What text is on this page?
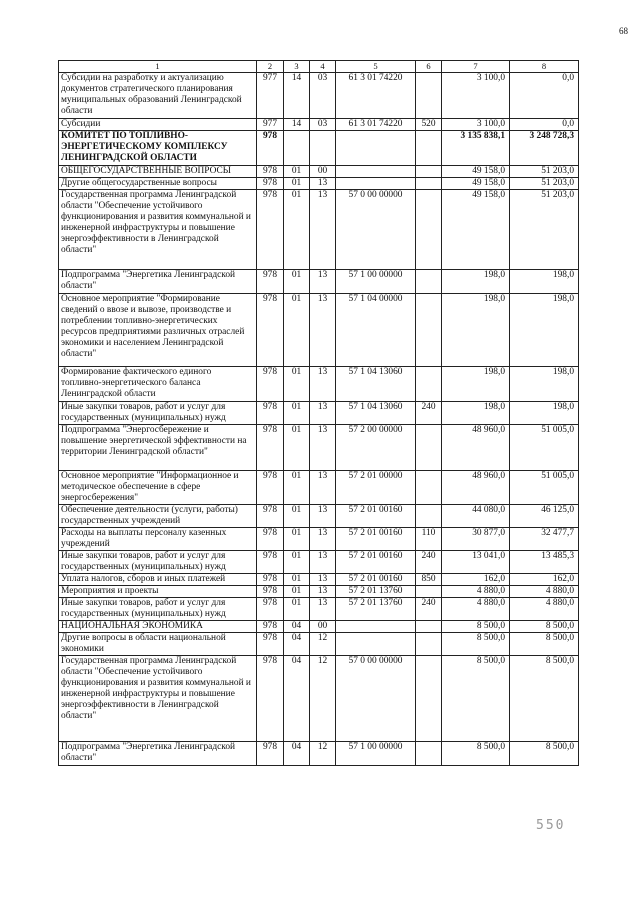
68
1	2	3	4	5	6	7	8
Субсидии на разработку и актуализацию документов стратегического планирования муниципальных образований Ленинградской области	977	14	03	61 3 01 74220		3 100,0	0,0
Субсидии	977	14	03	61 3 01 74220	520	3 100,0	0,0
КОМИТЕТ ПО ТОПЛИВНО-ЭНЕРГЕТИЧЕСКОМУ КОМПЛЕКСУ ЛЕНИНГРАДСКОЙ ОБЛАСТИ	978					3 135 838,1	3 248 728,3
ОБЩЕГОСУДАРСТВЕННЫЕ ВОПРОСЫ	978	01	00			49 158,0	51 203,0
Другие общегосударственные вопросы	978	01	13			49 158,0	51 203,0
Государственная программа Ленинградской области "Обеспечение устойчивого функционирования и развития коммунальной и инженерной инфраструктуры и повышение энергоэффективности в Ленинградской области"	978	01	13	57 0 00 00000		49 158,0	51 203,0
Подпрограмма "Энергетика Ленинградской области"	978	01	13	57 1 00 00000		198,0	198,0
Основное мероприятие "Формирование сведений о ввозе и вывозе, производстве и потреблении топливно-энергетических ресурсов предприятиями различных отраслей экономики и населением Ленинградской области"	978	01	13	57 1 04 00000		198,0	198,0
Формирование фактического единого топливно-энергетического баланса Ленинградской области	978	01	13	57 1 04 13060		198,0	198,0
Иные закупки товаров, работ и услуг для государственных (муниципальных) нужд	978	01	13	57 1 04 13060	240	198,0	198,0
Подпрограмма "Энергосбережение и повышение энергетической эффективности на территории Ленинградской области"	978	01	13	57 2 00 00000		48 960,0	51 005,0
Основное мероприятие "Информационное и методическое обеспечение в сфере энергосбережения"	978	01	13	57 2 01 00000		48 960,0	51 005,0
Обеспечение деятельности (услуги, работы) государственных учреждений	978	01	13	57 2 01 00160		44 080,0	46 125,0
Расходы на выплаты персоналу казенных учреждений	978	01	13	57 2 01 00160	110	30 877,0	32 477,7
Иные закупки товаров, работ и услуг для государственных (муниципальных) нужд	978	01	13	57 2 01 00160	240	13 041,0	13 485,3
Уплата налогов, сборов и иных платежей	978	01	13	57 2 01 00160	850	162,0	162,0
Мероприятия и проекты	978	01	13	57 2 01 13760		4 880,0	4 880,0
Иные закупки товаров, работ и услуг для государственных (муниципальных) нужд	978	01	13	57 2 01 13760	240	4 880,0	4 880,0
НАЦИОНАЛЬНАЯ ЭКОНОМИКА	978	04	00			8 500,0	8 500,0
Другие вопросы в области национальной экономики	978	04	12			8 500,0	8 500,0
Государственная программа Ленинградской области "Обеспечение устойчивого функционирования и развития коммунальной и инженерной инфраструктуры и повышение энергоэффективности в Ленинградской области"	978	04	12	57 0 00 00000		8 500,0	8 500,0
Подпрограмма "Энергетика Ленинградской области"	978	04	12	57 1 00 00000		8 500,0	8 500,0
550
